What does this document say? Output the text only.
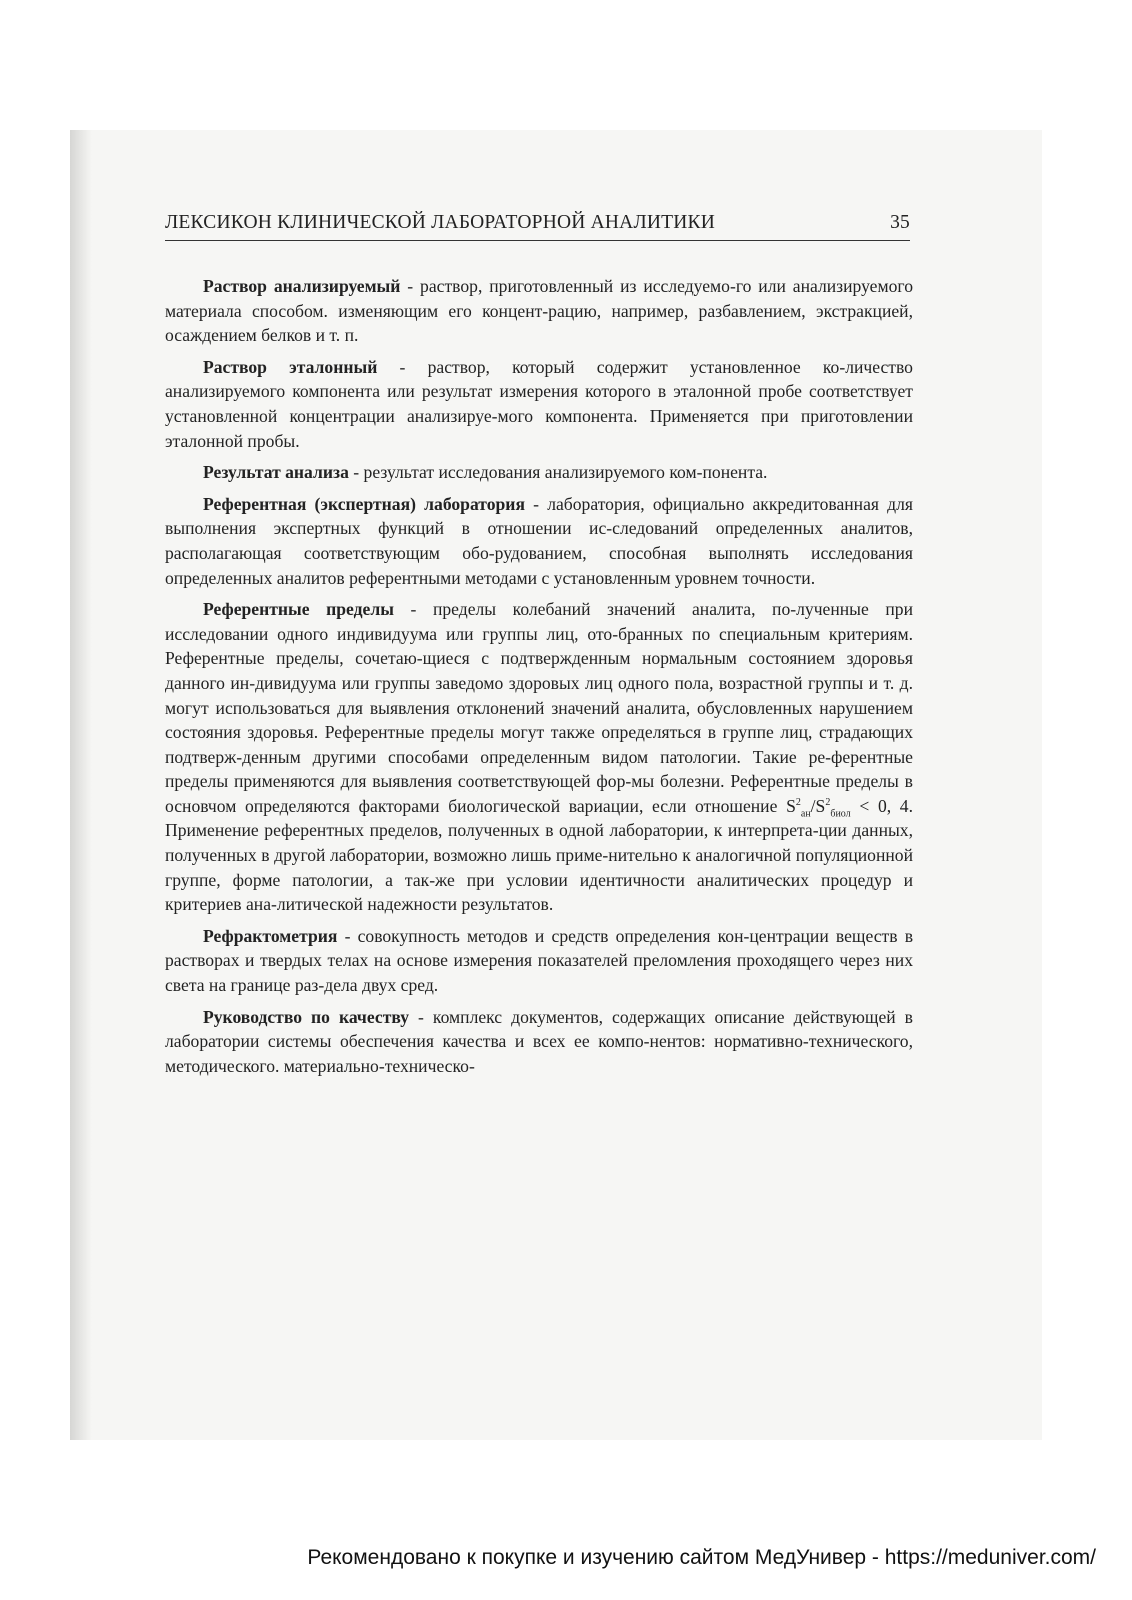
ЛЕКСИКОН КЛИНИЧЕСКОЙ ЛАБОРАТОРНОЙ АНАЛИТИКИ	35

Раствор анализируемый - раствор, приготовленный из исследуемо-го или анализируемого материала способом. изменяющим его концент-рацию, например, разбавлением, экстракцией, осаждением белков и т. п.

Раствор эталонный - раствор, который содержит установленное ко-личество анализируемого компонента или результат измерения которого в эталонной пробе соответствует установленной концентрации анализируе-мого компонента. Применяется при приготовлении эталонной пробы.

Результат анализа - результат исследования анализируемого ком-понента.

Референтная (экспертная) лаборатория - лаборатория, официально аккредитованная для выполнения экспертных функций в отношении ис-следований определенных аналитов, располагающая соответствующим обо-рудованием, способная выполнять исследования определенных аналитов референтными методами с установленным уровнем точности.

Референтные пределы - пределы колебаний значений аналита, по-лученные при исследовании одного индивидуума или группы лиц, ото-бранных по специальным критериям. Референтные пределы, сочетаю-щиеся с подтвержденным нормальным состоянием здоровья данного ин-дивидуума или группы заведомо здоровых лиц одного пола, возрастной группы и т. д. могут использоваться для выявления отклонений значений аналита, обусловленных нарушением состояния здоровья. Референтные пределы могут также определяться в группе лиц, страдающих подтверж-денным другими способами определенным видом патологии. Такие ре-ферентные пределы применяются для выявления соответствующей фор-мы болезни. Референтные пределы в основчом определяются факторами биологической вариации, если отношение $S^2_{ан}/S^2_{биол} < 0$, 4. Применение референтных пределов, полученных в одной лаборатории, к интерпрета-ции данных, полученных в другой лаборатории, возможно лишь приме-нительно к аналогичной популяционной группе, форме патологии, а так-же при условии идентичности аналитических процедур и критериев ана-литической надежности результатов.

Рефрактометрия - совокупность методов и средств определения кон-центрации веществ в растворах и твердых телах на основе измерения показателей преломления проходящего через них света на границе раз-дела двух сред.

Руководство по качеству - комплекс документов, содержащих описание действующей в лаборатории системы обеспечения качества и всех ее компо-нентов: нормативно-технического, методического. материально-техническо-

Рекомендовано к покупке и изучению сайтом МедУнивер - https://meduniver.com/
